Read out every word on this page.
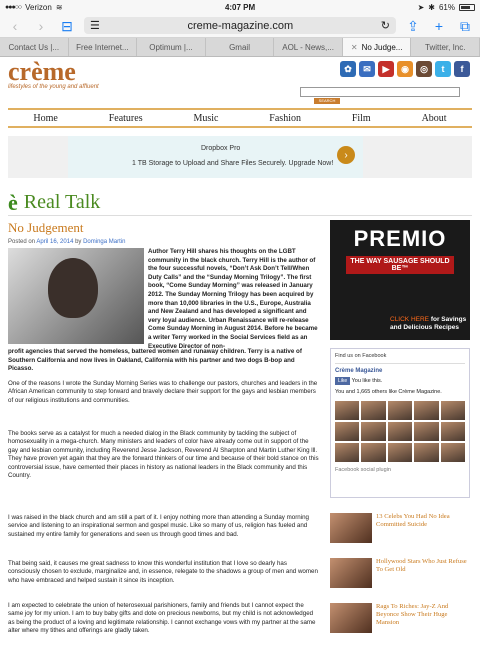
●●●○○ Verizon ≋	4:07 PM	➤ ✱ 61%
‹	›	⊟ ☰	creme-magazine.com	↻ ⇪	+	⧉
Contact Us |... Free Internet...	Optimum |...	Gmail	AOL - News,... ✕ No Judge...	Twitter, Inc.
crème
lifestyles of the young and affluent
✿	✉	▶	◉	◎	t	f
SEARCH
Home	Features	Music	Fashion	Film	About
Dropbox Pro
1 TB Storage to Upload and Share Files Securely. Upgrade Now!
›
è Real Talk
No Judgement
Posted on April 16, 2014 by Dominga Martin
Author Terry Hill shares his thoughts on the LGBT community in the black church. Terry Hill is the author of the four successful novels, “Don’t Ask Don’t Tell/When Duty Calls” and the “Sunday Morning Trilogy”. The first book, “Come Sunday Morning” was released in January 2012. The Sunday Morning Trilogy has been acquired by more than 10,000 libraries in the U.S., Europe, Australia and New Zealand and has developed a significant and very loyal audience. Urban Renaissance will re-release Come Sunday Morning in August 2014. Before he became a writer Terry worked in the Social Services field as an Executive Director of non-
profit agencies that served the homeless, battered women and runaway children. Terry is a native of Southern California and now lives in Oakland, California with his partner and two dogs B-bop and Picasso.
One of the reasons I wrote the Sunday Morning Series was to challenge our pastors, churches and leaders in the African American community to step forward and bravely declare their support for the gays and lesbian members of our religious institutions and communities.
The books serve as a catalyst for much a needed dialog in the Black community by tackling the subject of homosexuality in a mega-church. Many ministers and leaders of color have already come out in support of the gay and lesbian community, including Reverend Jesse Jackson, Reverend Al Sharpton and Martin Luther King lll. They have proven yet again that they are the forward thinkers of our time and because of their bold stance on this controversial issue, have cemented their places in history as national leaders in the Black community and this Country.
I was raised in the black church and am still a part of it. I enjoy nothing more than attending a Sunday morning service and listening to an inspirational sermon and gospel music. Like so many of us, religion has fueled and sustained my entire family for generations and seen us through good times and bad.
That being said, it causes me great sadness to know this wonderful institution that I love so dearly has consciously chosen to exclude, marginalize and, in essence, relegate to the shadows a group of men and women who have embraced and helped sustain it since its inception.
I am expected to celebrate the union of heterosexual parishioners, family and friends but I cannot expect the same joy for my union. I am to buy baby gifts and dote on precious newborns, but my child is not acknowledged as being the product of a loving and legitimate relationship. I cannot exchange vows with my partner at the same alter where my tithes and offerings are gladly taken.
PREMIO
THE WAY SAUSAGE SHOULD BE™
CLICK HERE for Savings and Delicious Recipes
Find us on Facebook
Crème Magazine
Like You like this.
You and 1,665 others like Crème Magazine.
Facebook social plugin
13 Celebs You Had No Idea Committed Suicide
Hollywood Stars Who Just Refuse To Get Old
Rags To Riches: Jay-Z And Beyonce Show Their Huge Mansion
